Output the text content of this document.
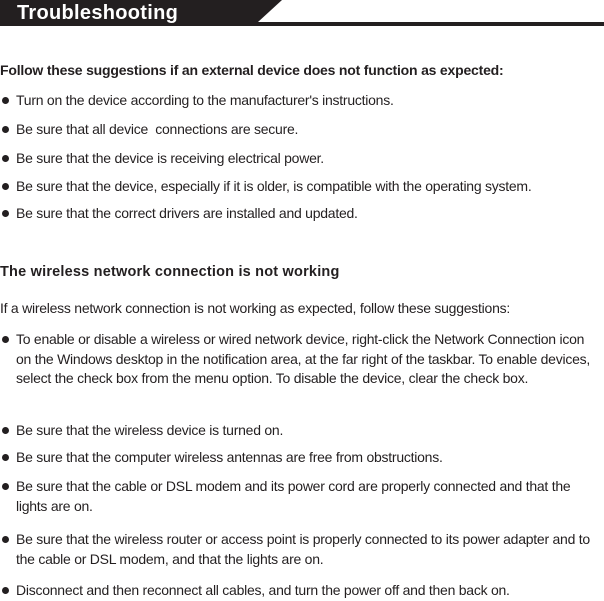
Troubleshooting
Follow these suggestions if an external device does not function as expected:
Turn on the device according to the manufacturer's instructions.
Be sure that all device  connections are secure.
Be sure that the device is receiving electrical power.
Be sure that the device, especially if it is older, is compatible with the operating system.
Be sure that the correct drivers are installed and updated.
The wireless network connection is not working
If a wireless network connection is not working as expected, follow these suggestions:
To enable or disable a wireless or wired network device, right-click the Network Connection icon on the Windows desktop in the notification area, at the far right of the taskbar. To enable devices, select the check box from the menu option. To disable the device, clear the check box.
Be sure that the wireless device is turned on.
Be sure that the computer wireless antennas are free from obstructions.
Be sure that the cable or DSL modem and its power cord are properly connected and that the lights are on.
Be sure that the wireless router or access point is properly connected to its power adapter and to the cable or DSL modem, and that the lights are on.
Disconnect and then reconnect all cables, and turn the power off and then back on.
